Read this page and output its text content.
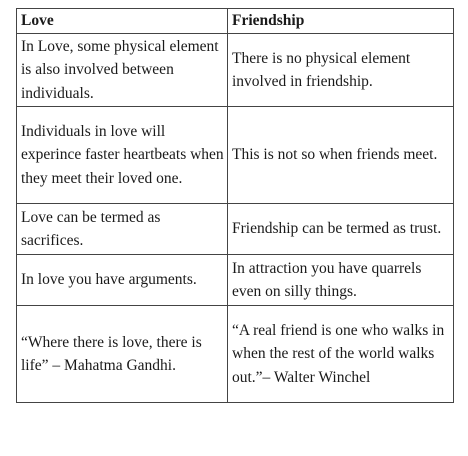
Love	Friendship
In Love, some physical element is also involved between individuals.	There is no physical element involved in friendship.
Individuals in love will experince faster heartbeats when they meet their loved one.	This is not so when friends meet.
Love can be termed as sacrifices.	Friendship can be termed as trust.
In love you have arguments.	In attraction you have quarrels even on silly things.
“Where there is love, there is life” – Mahatma Gandhi.	“A real friend is one who walks in when the rest of the world walks out.”– Walter Winchel
